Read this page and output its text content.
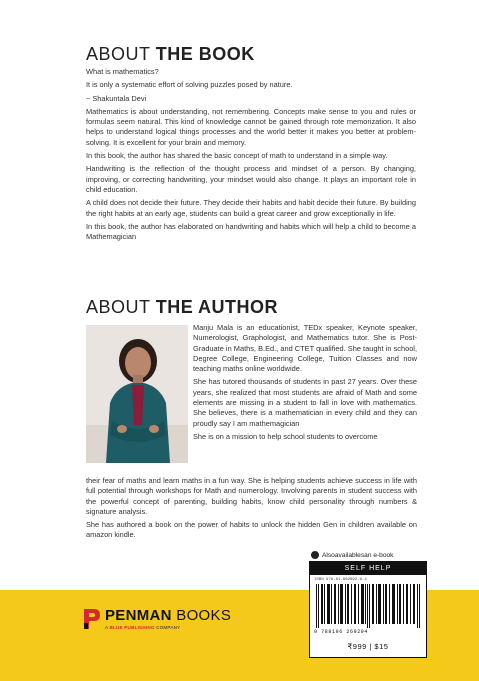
ABOUT THE BOOK

What is mathematics?

It is only a systematic effort of solving puzzles posed by nature.

~ Shakuntala Devi

Mathematics is about understanding, not remembering. Concepts make sense to you and rules or formulas seem natural. This kind of knowledge cannot be gained through rote memorization. It also helps to understand logical things processes and the world better it makes you better at problem-solving. It is excellent for your brain and memory.

In this book, the author has shared the basic concept of math to understand in a simple way.

Handwriting is the reflection of the thought process and mindset of a person. By changing, improving, or correcting handwriting, your mindset would also change. It plays an important role in child education.

A child does not decide their future. They decide their habits and habit decide their future. By building the right habits at an early age, students can build a great career and grow exceptionally in life.

In this book, the author has elaborated on handwriting and habits which will help a child to become a Mathemagician

ABOUT THE AUTHOR

Manju Mala is an educationist, TEDx speaker, Keynote speaker, Numerologist, Graphologist, and Mathematics tutor. She is Post-Graduate in Maths, B.Ed., and CTET qualified. She taught in school, Degree College, Engineering College, Tuition Classes and now teaching maths online worldwide.

She has tutored thousands of students in past 27 years. Over these years, she realized that most students are afraid of Math and some elements are missing in a student to fall in love with mathematics. She believes, there is a mathematician in every child and they can proudly say I am mathemagician

She is on a mission to help school students to overcome

their fear of maths and learn maths in a fun way. She is helping students achieve success in life with full potential through workshops for Math and numerology. Involving parents in student success with the powerful concept of parenting, building habits, know child personality through numbers & signature analysis.

She has authored a book on the power of habits to unlock the hidden Gen in children available on amazon kindle.

PENMAN BOOKS
A BLUE PUBLISHING COMPANY
Alsoavailablesan e-book
SELF HELP
ISBN 978-81-962692-9-4
9 788196 269294
₹999 | $15
